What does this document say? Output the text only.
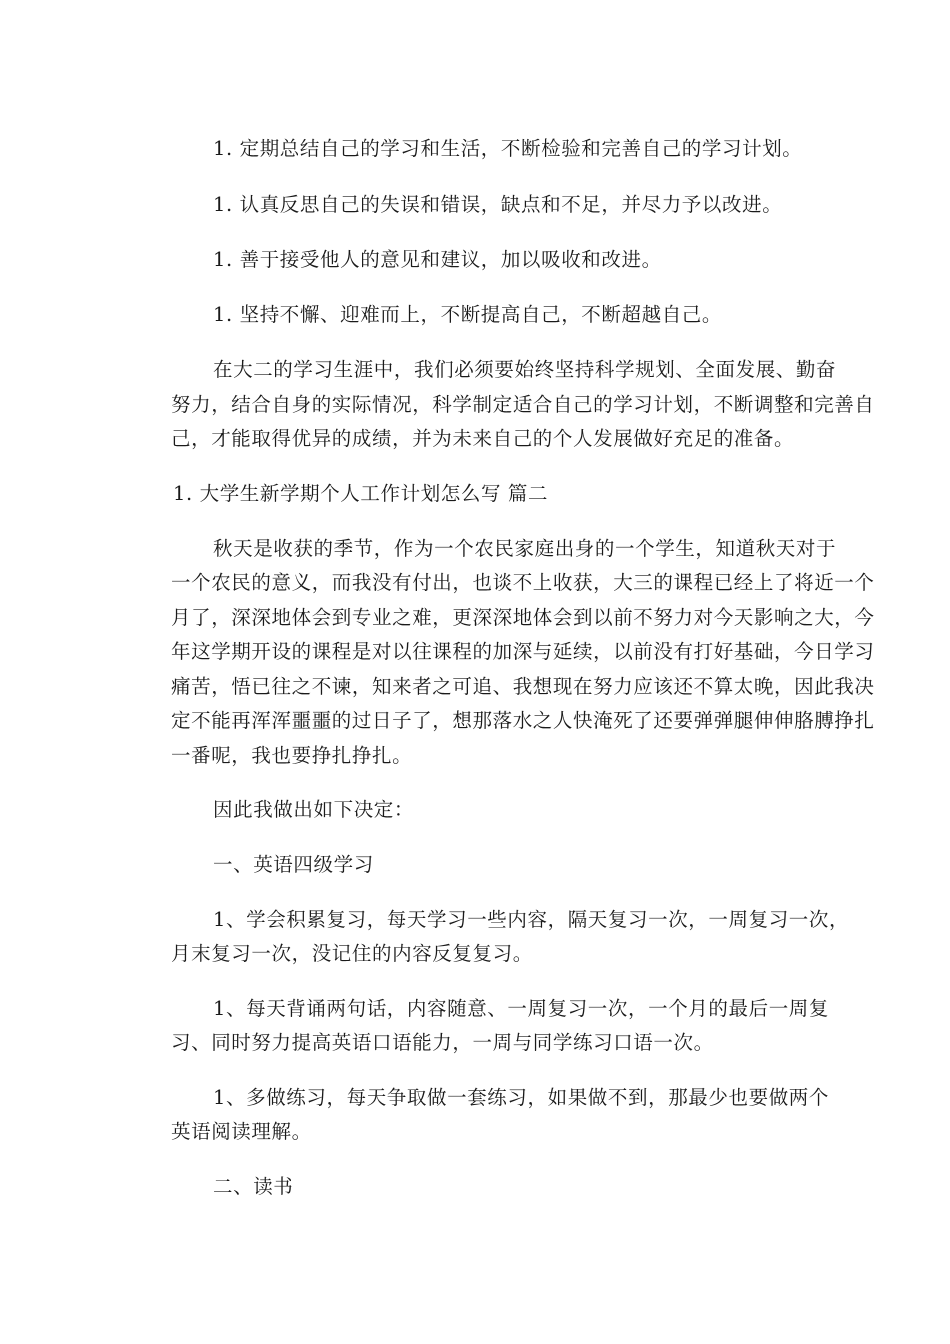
1. 定期总结自己的学习和生活，不断检验和完善自己的学习计划。
1. 认真反思自己的失误和错误，缺点和不足，并尽力予以改进。
1. 善于接受他人的意见和建议，加以吸收和改进。
1. 坚持不懈、迎难而上，不断提高自己，不断超越自己。
在大二的学习生涯中，我们必须要始终坚持科学规划、全面发展、勤奋
努力，结合自身的实际情况，科学制定适合自己的学习计划，不断调整和完善自
己，才能取得优异的成绩，并为未来自己的个人发展做好充足的准备。
1. 大学生新学期个人工作计划怎么写 篇二
秋天是收获的季节，作为一个农民家庭出身的一个学生，知道秋天对于
一个农民的意义，而我没有付出，也谈不上收获，大三的课程已经上了将近一个
月了，深深地体会到专业之难，更深深地体会到以前不努力对今天影响之大，今
年这学期开设的课程是对以往课程的加深与延续，以前没有打好基础，今日学习
痛苦，悟已往之不谏，知来者之可追、我想现在努力应该还不算太晚，因此我决
定不能再浑浑噩噩的过日子了，想那落水之人快淹死了还要弹弹腿伸伸胳膊挣扎
一番呢，我也要挣扎挣扎。
因此我做出如下决定：
一、英语四级学习
1、学会积累复习，每天学习一些内容，隔天复习一次，一周复习一次，
月末复习一次，没记住的内容反复复习。
1、每天背诵两句话，内容随意、一周复习一次，一个月的最后一周复
习、同时努力提高英语口语能力，一周与同学练习口语一次。
1、多做练习，每天争取做一套练习，如果做不到，那最少也要做两个
英语阅读理解。
二、读书
